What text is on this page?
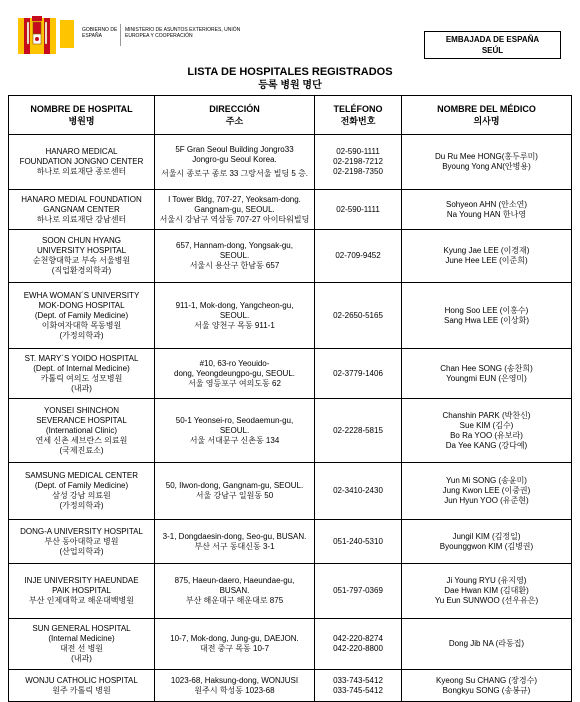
GOBIERNO DE ESPAÑA
MINISTERIO DE ASUNTOS EXTERIORES, UNIÓN EUROPEA Y COOPERACIÓN	EMBAJADA DE ESPAÑA
SEÚL
LISTA DE HOSPITALES REGISTRADOS
등록 병원 명단
NOMBRE DE HOSPITAL
병원명	DIRECCIÓN
주소	TELÉFONO
전화번호	NOMBRE DEL MÉDICO
의사명

HANARO MEDICAL
FOUNDATION JONGNO CENTER
하나로 의료재단 종로센터	5F Gran Seoul Building Jongro33
Jongro-gu Seoul Korea.
서울시 종로구 종로 33 그랑서울 빌딩 5 층.	02-590-1111
02-2198-7212
02-2198-7350	Du Ru Mee HONG(홍두루미)
Byoung Yong AN(안병용)

HANARO MEDIAL FOUNDATION
GANGNAM CENTER
하나로 의료재단 강남센터	I Tower Bldg, 707-27, Yeoksam-dong.
Gangnam-gu, SEOUL.
서울시 강남구 역삼동 707-27 아이타워빌딩	02-590-1111	Sohyeon AHN (안소연)
Na Young HAN 한나영

SOON CHUN HYANG
UNIVERSITY HOSPITAL
순천향대학교 부속 서울병원
(직업환경의학과)	657, Hannam-dong, Yongsak-gu,
SEOUL.
서울시 용산구 한남동 657	02-709-9452	Kyung Jae LEE (이경재)
June Hee LEE (이준희)

EWHA WOMAN´S UNIVERSITY
MOK-DONG HOSPITAL
(Dept. of Family Medicine)
이화여자대학 목동병원
(가정의학과)	911-1, Mok-dong, Yangcheon-gu,
SEOUL.
서울 양천구 목동 911-1	02-2650-5165	Hong Soo LEE (이홍수)
Sang Hwa LEE (이상화)

ST. MARY´S YOIDO HOSPITAL
(Dept. of Internal Medicine)
카톨릭 여의도 성모병원
(내과)	#10, 63-ro Yeouido-
dong, Yeongdeungpo-gu, SEOUL.
서울 영등포구 여의도동 62	02-3779-1406	Chan Hee SONG (송찬희)
Youngmi EUN (은영미)

YONSEI SHINCHON
SEVERANCE HOSPITAL
(International Clinic)
연세 신촌 세브란스 의료원
(국제진료소)	50-1 Yeonsei-ro, Seodaemun-gu,
SEOUL.
서울 서대문구 신촌동 134	02-2228-5815	Chanshin PARK (박찬신)
Sue KIM (김수)
Bo Ra YOO (유보라)
Da Yee KANG (강다예)

SAMSUNG MEDICAL CENTER
(Dept. of Family Medicine)
삼성 강남 의료원
(가정의학과)	50, Ilwon-dong, Gangnam-gu, SEOUL.
서울 강남구 일원동 50	02-3410-2430	Yun Mi SONG (송윤미)
Jung Kwon LEE (이중권)
Jun Hyun YOO (유준현)

DONG-A UNIVERSITY HOSPITAL
부산 동아대학교 병원
(산업의학과)	3-1, Dongdaesin-dong, Seo-gu, BUSAN.
부산 서구 동대신동 3-1	051-240-5310	Jungil KIM (김정일)
Byounggwon KIM (김병권)

INJE UNIVERSITY HAEUNDAE
PAIK HOSPITAL
부산 인제대학교 해운대백병원	875, Haeun-daero, Haeundae-gu,
BUSAN.
부산 해운대구 해운대로 875	051-797-0369	Ji Young RYU (유지영)
Dae Hwan KIM (김대환)
Yu Eun SUNWOO (선우유은)

SUN GENERAL HOSPITAL
(Internal Medicine)
대전 선 병원
(내과)	10-7, Mok-dong, Jung-gu, DAEJON.
대전 중구 목동 10-7	042-220-8274
042-220-8800	Dong Jib NA (라동집)

WONJU CATHOLIC HOSPITAL
원주 카톨릭 병원	1023-68, Haksung-dong, WONJUSI
원주시 학성동 1023-68	033-743-5412
033-745-5412	Kyeong Su CHANG (장경수)
Bongkyu SONG (송봉규)
